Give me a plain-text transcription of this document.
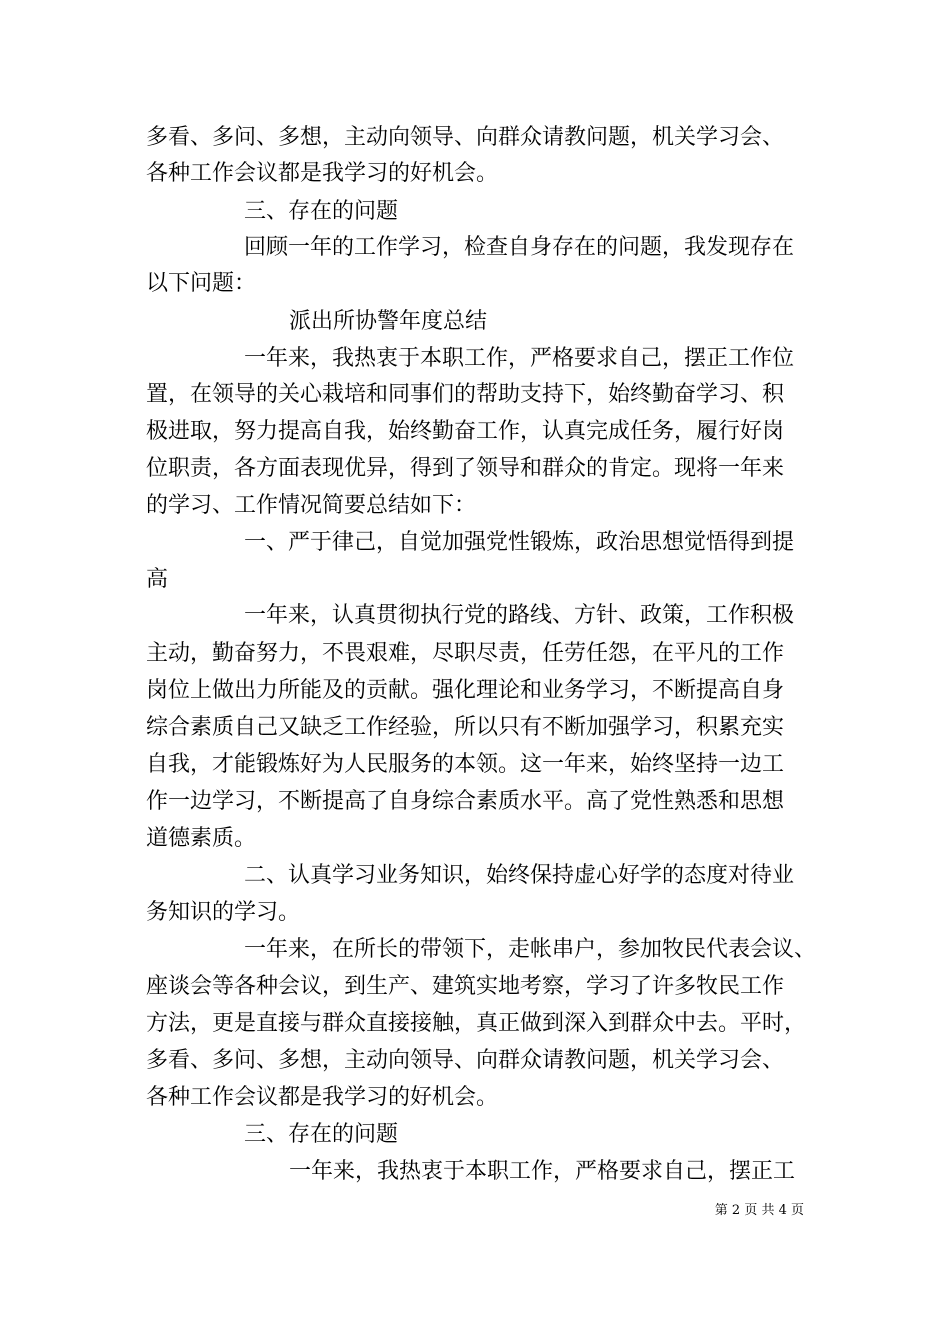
多看、多问、多想，主动向领导、向群众请教问题，机关学习会、
各种工作会议都是我学习的好机会。
三、存在的问题
回顾一年的工作学习，检查自身存在的问题，我发现存在
以下问题：
派出所协警年度总结
一年来，我热衷于本职工作，严格要求自己，摆正工作位
置，在领导的关心栽培和同事们的帮助支持下，始终勤奋学习、积
极进取，努力提高自我，始终勤奋工作，认真完成任务，履行好岗
位职责，各方面表现优异，得到了领导和群众的肯定。现将一年来
的学习、工作情况简要总结如下：
一、严于律己，自觉加强党性锻炼，政治思想觉悟得到提
高
一年来，认真贯彻执行党的路线、方针、政策，工作积极
主动，勤奋努力，不畏艰难，尽职尽责，任劳任怨，在平凡的工作
岗位上做出力所能及的贡献。强化理论和业务学习，不断提高自身
综合素质自己又缺乏工作经验，所以只有不断加强学习，积累充实
自我，才能锻炼好为人民服务的本领。这一年来，始终坚持一边工
作一边学习，不断提高了自身综合素质水平。高了党性熟悉和思想
道德素质。
二、认真学习业务知识，始终保持虚心好学的态度对待业
务知识的学习。
一年来，在所长的带领下，走帐串户，参加牧民代表会议、
座谈会等各种会议，到生产、建筑实地考察，学习了许多牧民工作
方法，更是直接与群众直接接触，真正做到深入到群众中去。平时，
多看、多问、多想，主动向领导、向群众请教问题，机关学习会、
各种工作会议都是我学习的好机会。
三、存在的问题
一年来，我热衷于本职工作，严格要求自己，摆正工
第 2 页 共 4 页
